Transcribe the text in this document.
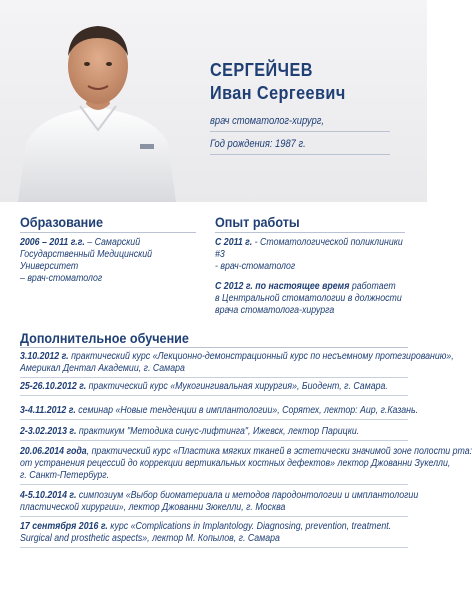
СЕРГЕЙЧЕВ
Иван Сергеевич
врач стоматолог-хирург,
Год рождения: 1987 г.
Образование
2006 – 2011 г.г. – Самарский
Государственный Медицинский Университет
– врач-стоматолог
Опыт работы
С 2011 г. - Стоматологической поликлиники #3
- врач-стоматолог
С 2012 г. по настоящее время работает
в Центральной стоматологии в должности
врача стоматолога-хирурга
Дополнительное обучение
3.10.2012 г. практический курс «Лекционно-демонстрационный курс по несъемному протезированию»,
Америкал Дентал Академии, г. Самара
25-26.10.2012 г. практический курс «Мукогингивальная хирургия», Биодент, г. Самара.
3-4.11.2012 г. семинар «Новые тенденции в имплантологии», Сорятех, лектор: Аир, г.Казань.
2-3.02.2013 г. практикум "Методика синус-лифтинга", Ижевск, лектор Парицки.
20.06.2014 года, практический курс «Пластика мягких тканей в эстетически значимой зоне полости рта:
от устранения рецессий до коррекции вертикальных костных дефектов» лектор Джованни Зукелли,
г. Санкт-Петербург.
4-5.10.2014 г. симпозиум «Выбор биоматериала и методов пародонтологии и имплантологии
пластической хирургии», лектор Джованни Зюкелли, г. Москва
17 сентября 2016 г. курс «Complications in Implantology. Diagnosing, prevention, treatment.
Surgical and prosthetic aspects», лектор М. Копылов, г. Самара
